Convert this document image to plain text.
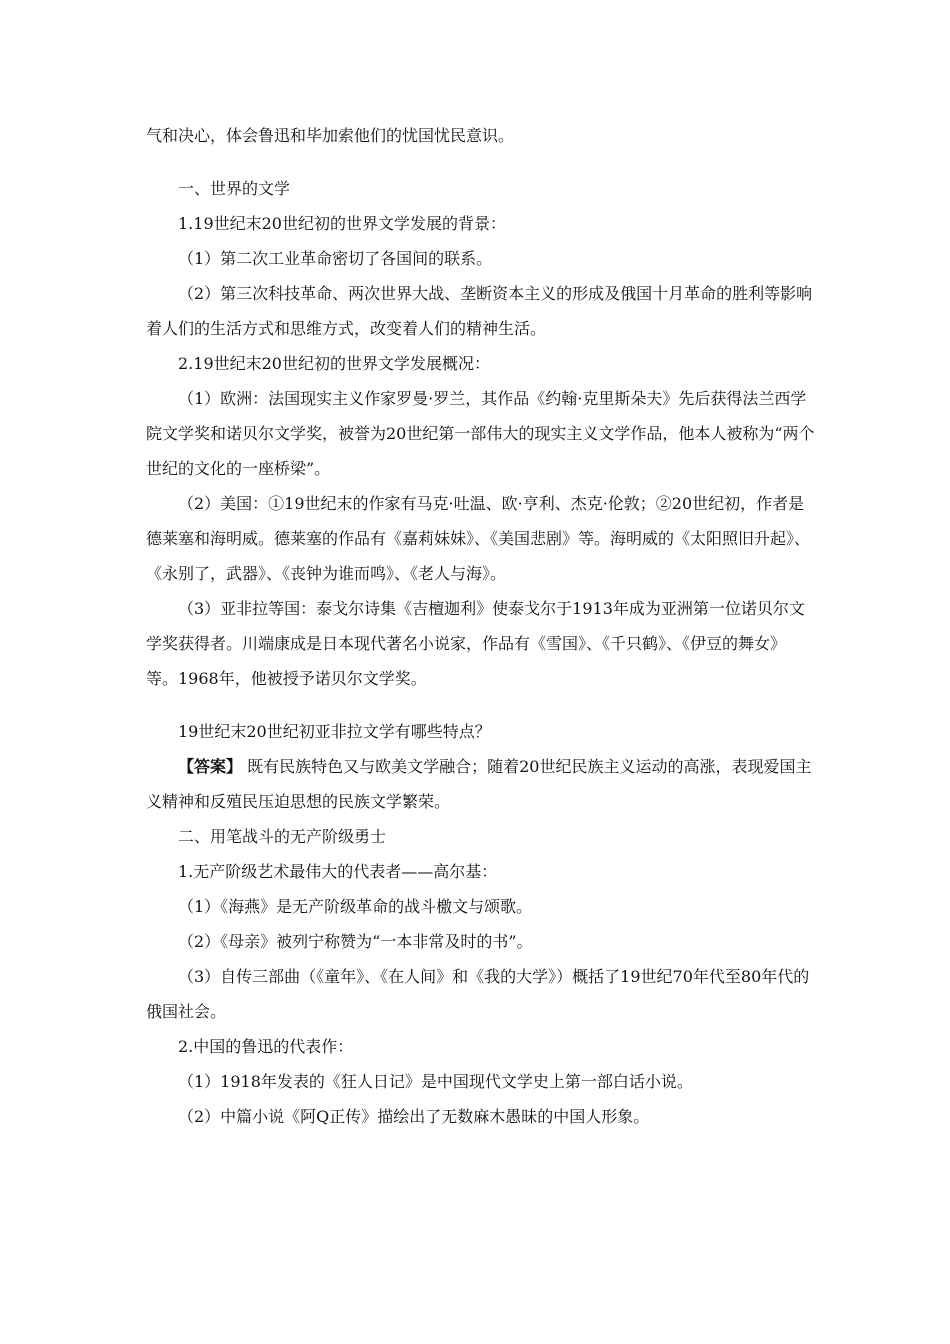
气和决心，体会鲁迅和毕加索他们的忧国忧民意识。

一、世界的文学

1.19世纪末20世纪初的世界文学发展的背景：

（1）第二次工业革命密切了各国间的联系。

（2）第三次科技革命、两次世界大战、垄断资本主义的形成及俄国十月革命的胜利等影响着人们的生活方式和思维方式，改变着人们的精神生活。

2.19世纪末20世纪初的世界文学发展概况：

（1）欧洲：法国现实主义作家罗曼·罗兰，其作品《约翰·克里斯朵夫》先后获得法兰西学院文学奖和诺贝尔文学奖，被誉为20世纪第一部伟大的现实主义文学作品，他本人被称为“两个世纪的文化的一座桥梁”。

（2）美国：①19世纪末的作家有马克·吐温、欧·亨利、杰克·伦敦；②20世纪初，作者是德莱塞和海明威。德莱塞的作品有《嘉莉妹妹》、《美国悲剧》等。海明威的《太阳照旧升起》、《永别了，武器》、《丧钟为谁而鸣》、《老人与海》。

（3）亚非拉等国：泰戈尔诗集《吉檀迦利》使泰戈尔于1913年成为亚洲第一位诺贝尔文学奖获得者。川端康成是日本现代著名小说家，作品有《雪国》、《千只鹤》、《伊豆的舞女》等。1968年，他被授予诺贝尔文学奖。

19世纪末20世纪初亚非拉文学有哪些特点？

【答案】 既有民族特色又与欧美文学融合；随着20世纪民族主义运动的高涨，表现爱国主义精神和反殖民压迫思想的民族文学繁荣。

二、用笔战斗的无产阶级勇士

1.无产阶级艺术最伟大的代表者——高尔基：

（1）《海燕》是无产阶级革命的战斗檄文与颂歌。

（2）《母亲》被列宁称赞为“一本非常及时的书”。

（3）自传三部曲（《童年》、《在人间》和《我的大学》）概括了19世纪70年代至80年代的俄国社会。

2.中国的鲁迅的代表作：

（1）1918年发表的《狂人日记》是中国现代文学史上第一部白话小说。

（2）中篇小说《阿Q正传》描绘出了无数麻木愚昧的中国人形象。
